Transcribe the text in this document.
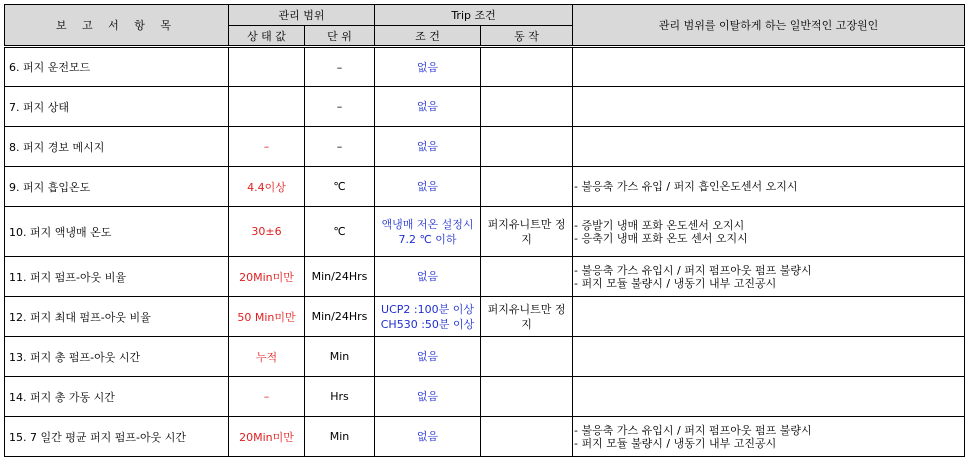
보 고 서 항 목	관리 범위		Trip 조건		관리 범위를 이탈하게 하는 일반적인 고장원인
	상 태 값	단 위	조 건	동 작	
6. 퍼지 운전모드		–	없음		

7. 퍼지 상태		–	없음		

8. 퍼지 경보 메시지	–	–	없음		

9. 퍼지 흡입온도	4.4이상	℃	없음		- 불응축 가스 유입 / 퍼지 흡인온도센서 오지시

10. 퍼지 액냉매 온도	30±6	℃	액냉매 저온 설정시 7.2 ℃ 이하	퍼지유니트만 정지	- 증발기 냉매 포화 온도센서 오지시
- 응축기 냉매 포화 온도 센서 오지시

11. 퍼지 펌프-아웃 비율	20Min미만	Min/24Hrs	없음		- 불응축 가스 유입시 / 퍼지 펌프아웃 펌프 불량시
- 퍼지 모듈 불량시 / 냉동기 내부 고진공시

12. 퍼지 최대 펌프-아웃 비율	50 Min미만	Min/24Hrs	UCP2 :100분 이상
CH530 :50분 이상	퍼지유니트만 정지	

13. 퍼지 총 펌프-아웃 시간	누적	Min	없음		

14. 퍼지 총 가동 시간	–	Hrs	없음		

15. 7 일간 평균 퍼지 펌프-아웃 시간	20Min미만	Min	없음		- 불응축 가스 유입시 / 퍼지 펌프아웃 펌프 불량시
- 퍼지 모듈 불량시 / 냉동기 내부 고진공시
